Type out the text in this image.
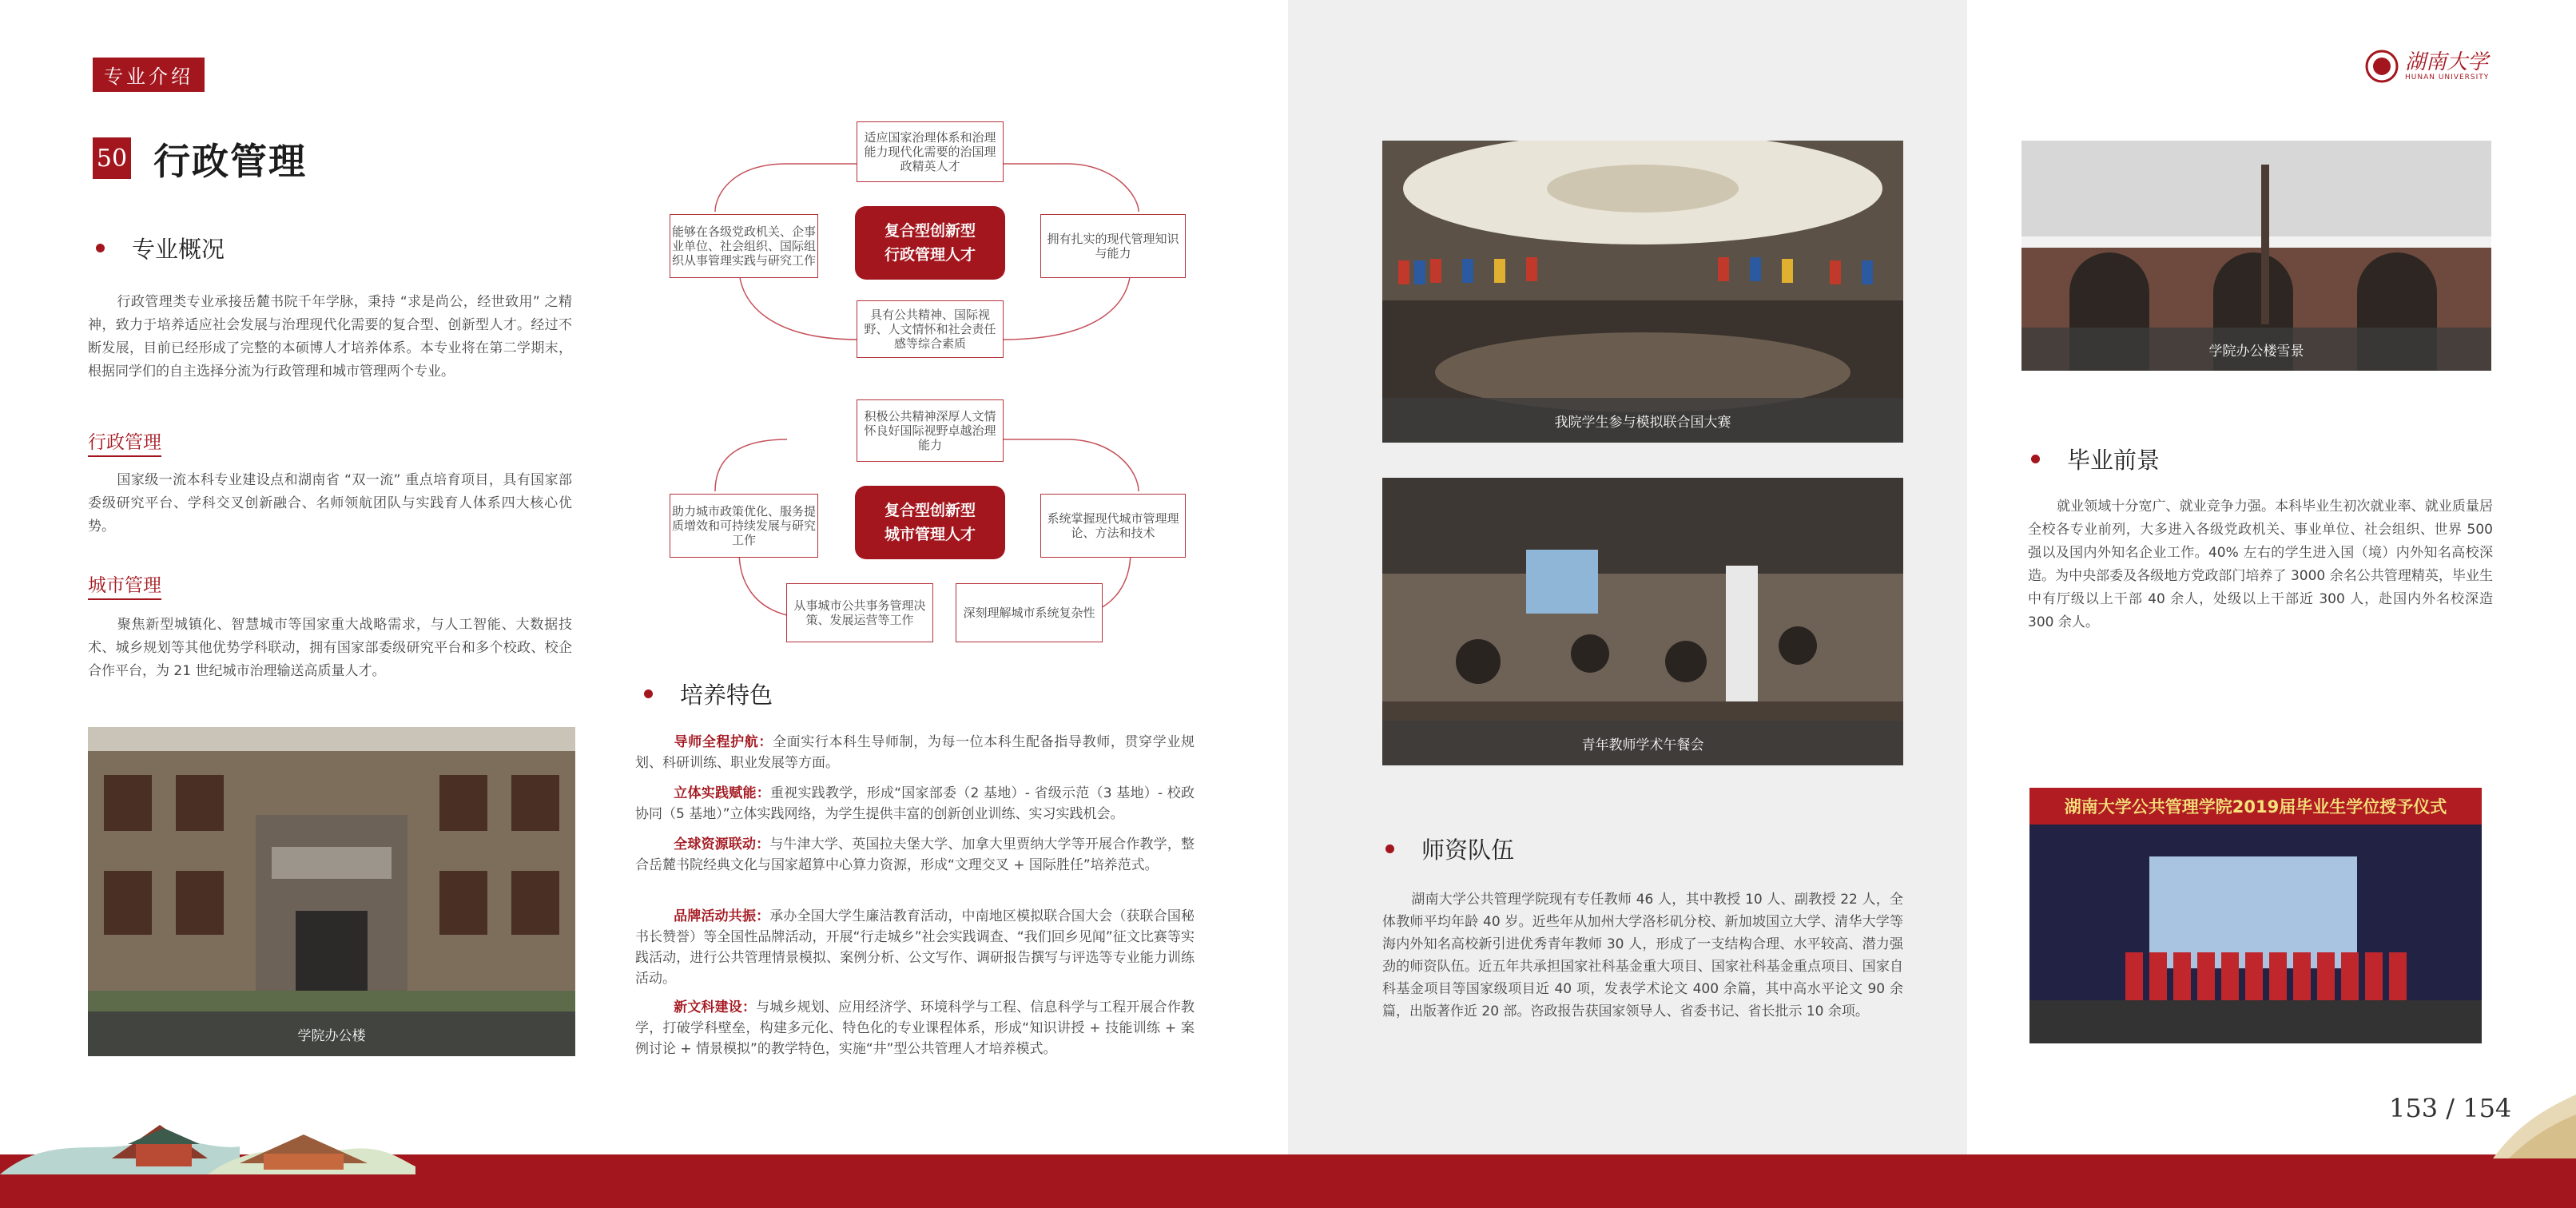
专业介绍
50 行政管理
湖南大学
HUNAN UNIVERSITY
专业概况
行政管理类专业承接岳麓书院千年学脉，秉持 “求是尚公，经世致用” 之精神，致力于培养适应社会发展与治理现代化需要的复合型、创新型人才。经过不断发展，目前已经形成了完整的本硕博人才培养体系。本专业将在第二学期末，根据同学们的自主选择分流为行政管理和城市管理两个专业。
行政管理
国家级一流本科专业建设点和湖南省 “双一流” 重点培育项目，具有国家部委级研究平台、学科交叉创新融合、名师领航团队与实践育人体系四大核心优势。
城市管理
聚焦新型城镇化、智慧城市等国家重大战略需求，与人工智能、大数据技术、城乡规划等其他优势学科联动，拥有国家部委级研究平台和多个校政、校企合作平台，为 21 世纪城市治理输送高质量人才。
学院办公楼
适应国家治理体系和治理能力现代化需要的治国理政精英人才
能够在各级党政机关、企事业单位、社会组织、国际组织从事管理实践与研究工作
拥有扎实的现代管理知识与能力
具有公共精神、国际视野、人文情怀和社会责任感等综合素质
复合型创新型
行政管理人才
积极公共精神深厚人文情怀良好国际视野卓越治理能力
助力城市政策优化、服务提质增效和可持续发展与研究工作
系统掌握现代城市管理理论、方法和技术
从事城市公共事务管理决策、发展运营等工作	深刻理解城市系统复杂性
复合型创新型
城市管理人才
培养特色
导师全程护航：全面实行本科生导师制，为每一位本科生配备指导教师，贯穿学业规划、科研训练、职业发展等方面。
立体实践赋能：重视实践教学，形成“国家部委（2 基地）- 省级示范（3 基地）- 校政协同（5 基地）”立体实践网络，为学生提供丰富的创新创业训练、实习实践机会。
全球资源联动：与牛津大学、英国拉夫堡大学、加拿大里贾纳大学等开展合作教学，整合岳麓书院经典文化与国家超算中心算力资源，形成“文理交叉 + 国际胜任”培养范式。
品牌活动共振：承办全国大学生廉洁教育活动，中南地区模拟联合国大会（获联合国秘书长赞誉）等全国性品牌活动，开展“行走城乡”社会实践调查、“我们回乡见闻”征文比赛等实践活动，进行公共管理情景模拟、案例分析、公文写作、调研报告撰写与评选等专业能力训练活动。
新文科建设：与城乡规划、应用经济学、环境科学与工程、信息科学与工程开展合作教学，打破学科壁垒，构建多元化、特色化的专业课程体系，形成“知识讲授 + 技能训练 + 案例讨论 + 情景模拟”的教学特色，实施“井”型公共管理人才培养模式。
我院学生参与模拟联合国大赛
青年教师学术午餐会
师资队伍
湖南大学公共管理学院现有专任教师 46 人，其中教授 10 人、副教授 22 人，全体教师平均年龄 40 岁。近些年从加州大学洛杉矶分校、新加坡国立大学、清华大学等海内外知名高校新引进优秀青年教师 30 人，形成了一支结构合理、水平较高、潜力强劲的师资队伍。近五年共承担国家社科基金重大项目、国家社科基金重点项目、国家自科基金项目等国家级项目近 40 项，发表学术论文 400 余篇，其中高水平论文 90 余篇，出版著作近 20 部。咨政报告获国家领导人、省委书记、省长批示 10 余项。
学院办公楼雪景
毕业前景
就业领域十分宽广、就业竞争力强。本科毕业生初次就业率、就业质量居全校各专业前列，大多进入各级党政机关、事业单位、社会组织、世界 500 强以及国内外知名企业工作。40% 左右的学生进入国（境）内外知名高校深造。为中央部委及各级地方党政部门培养了 3000 余名公共管理精英，毕业生中有厅级以上干部 40 余人，处级以上干部近 300 人，赴国内外名校深造 300 余人。
湖南大学公共管理学院2019届毕业生学位授予仪式
153 / 154
